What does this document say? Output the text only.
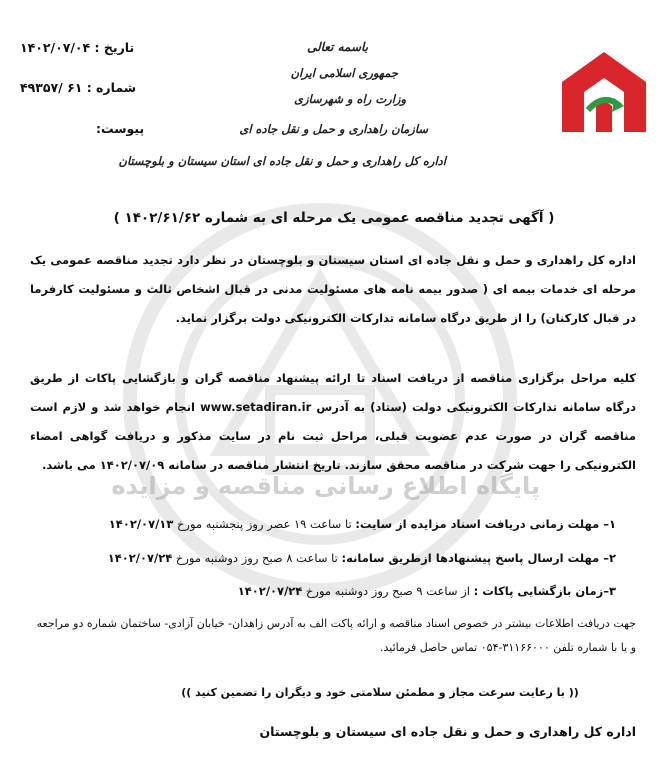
پایگاه اطلاع رسانی مناقصه و مزایده
باسمه تعالی
جمهوری اسلامی ایران
وزارت راه و شهرسازی
سازمان راهداری و حمل و نقل جاده ای
اداره کل راهداری و حمل و نقل جاده ای استان سیستان و بلوچستان
تاریخ : ۱۴۰۲/۰۷/۰۴
شماره : ۶۱ /۴۹۳۵۷
پیوست:
( آگهی تجدید مناقصه عمومی یک مرحله ای به شماره ۱۴۰۲/۶۱/۶۲ )
اداره کل راهداری و حمل و نقل جاده ای استان سیستان و بلوچستان در نظر دارد تجدید مناقصه عمومی یک مرحله ای خدمات بیمه ای ( صدور بیمه نامه های مسئولیت مدنی در قبال اشخاص ثالث و مسئولیت کارفرما در قبال کارکنان) را از طریق درگاه سامانه تدارکات الکترونیکی دولت برگزار نماید.
کلیه مراحل برگزاری مناقصه از دریافت اسناد تا ارائه پیشنهاد مناقصه گران و بازگشایی پاکات از طریق درگاه سامانه تدارکات الکترونیکی دولت (ستاد) به آدرس www.setadiran.ir انجام خواهد شد و لازم است مناقصه گران در صورت عدم عضویت قبلی، مراحل ثبت نام در سایت مذکور و دریافت گواهی امضاء الکترونیکی را جهت شرکت در مناقصه محقق سازند. تاریخ انتشار مناقصه در سامانه ۱۴۰۲/۰۷/۰۹ می باشد.
۱– مهلت زمانی دریافت اسناد مزایده از سایت: تا ساعت ۱۹ عصر روز پنجشنبه مورخ ۱۴۰۲/۰۷/۱۳
۲– مهلت ارسال پاسخ پیشنهادها ازطریق سامانه: تا ساعت ۸ صبح روز دوشنبه مورخ ۱۴۰۲/۰۷/۲۴
۳–زمان بازگشایی پاکات : از ساعت ۹ صبح روز دوشنبه مورخ ۱۴۰۲/۰۷/۲۴
جهت دریافت اطلاعات بیشتر در خصوص اسناد مناقصه و ارائه پاکت الف به آدرس زاهدان- خیابان آزادی- ساختمان شماره دو مراجعه و یا با شماره تلفن ۳۱۱۶۶۰۰۰-۰۵۴ تماس حاصل فرمائید.
(( با رعایت سرعت مجاز و مطمئن سلامتی خود و دیگران را تضمین کنید ))
اداره کل راهداری و حمل و نقل جاده ای سیستان و بلوچستان
